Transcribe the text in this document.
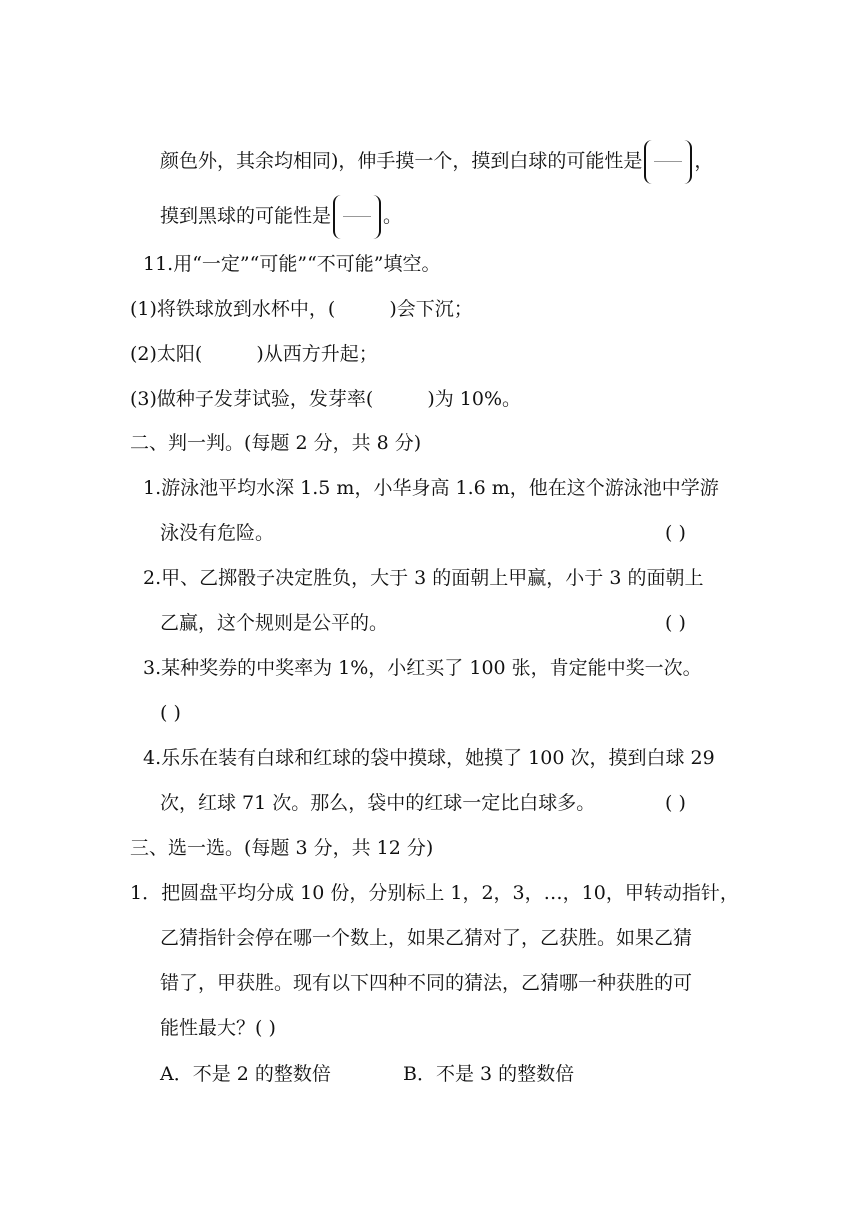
颜色外，其余均相同)，伸手摸一个，摸到白球的可能性是	，
摸到黑球的可能性是	。
11.用“一定”“可能”“不可能”填空。
(1)将铁球放到水杯中，(	)会下沉；
(2)太阳(	)从西方升起；
(3)做种子发芽试验，发芽率(	)为 10%。
二、判一判。(每题 2 分，共 8 分)
1.游泳池平均水深 1.5 m，小华身高 1.6 m，他在这个游泳池中学游
泳没有危险。	( )
2.甲、乙掷骰子决定胜负，大于 3 的面朝上甲赢，小于 3 的面朝上
乙赢，这个规则是公平的。	( )
3.某种奖券的中奖率为 1%，小红买了 100 张，肯定能中奖一次。
( )
4.乐乐在装有白球和红球的袋中摸球，她摸了 100 次，摸到白球 29
次，红球 71 次。那么，袋中的红球一定比白球多。	( )
三、选一选。(每题 3 分，共 12 分)
1．把圆盘平均分成 10 份，分别标上 1，2，3，…，10，甲转动指针，
乙猜指针会停在哪一个数上，如果乙猜对了，乙获胜。如果乙猜
错了，甲获胜。现有以下四种不同的猜法，乙猜哪一种获胜的可
能性最大？( )
A．不是 2 的整数倍	B．不是 3 的整数倍
